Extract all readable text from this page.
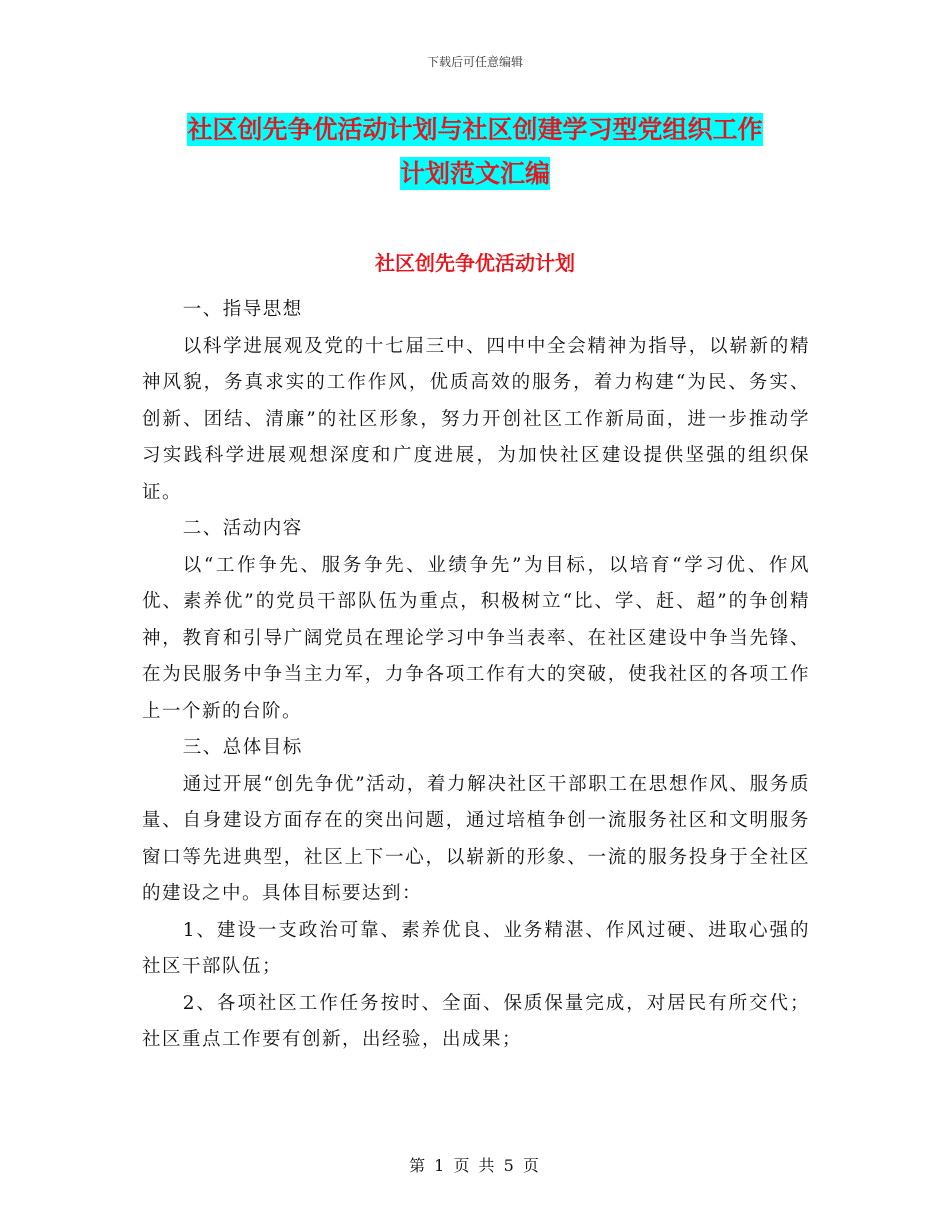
下载后可任意编辑
社区创先争优活动计划与社区创建学习型党组织工作
计划范文汇编
社区创先争优活动计划

一、指导思想

以科学进展观及党的十七届三中、四中中全会精神为指导，以崭新的精神风貌，务真求实的工作作风，优质高效的服务，着力构建“为民、务实、创新、团结、清廉”的社区形象，努力开创社区工作新局面，进一步推动学习实践科学进展观想深度和广度进展，为加快社区建设提供坚强的组织保证。

二、活动内容

以“工作争先、服务争先、业绩争先”为目标，以培育“学习优、作风优、素养优”的党员干部队伍为重点，积极树立“比、学、赶、超”的争创精神，教育和引导广阔党员在理论学习中争当表率、在社区建设中争当先锋、在为民服务中争当主力军，力争各项工作有大的突破，使我社区的各项工作上一个新的台阶。

三、总体目标

通过开展“创先争优”活动，着力解决社区干部职工在思想作风、服务质量、自身建设方面存在的突出问题，通过培植争创一流服务社区和文明服务窗口等先进典型，社区上下一心，以崭新的形象、一流的服务投身于全社区的建设之中。具体目标要达到：

1、建设一支政治可靠、素养优良、业务精湛、作风过硬、进取心强的社区干部队伍；

2、各项社区工作任务按时、全面、保质保量完成，对居民有所交代；社区重点工作要有创新，出经验，出成果；

第 1 页 共 5 页
